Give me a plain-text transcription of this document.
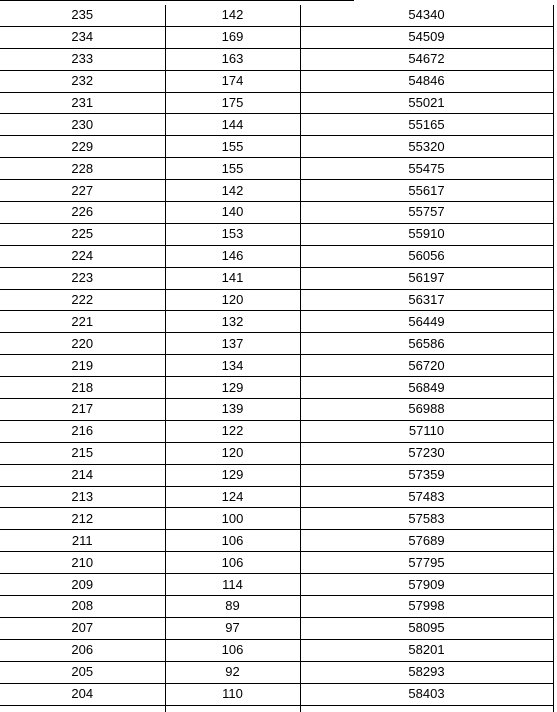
235	142	54340
234	169	54509
233	163	54672
232	174	54846
231	175	55021
230	144	55165
229	155	55320
228	155	55475
227	142	55617
226	140	55757
225	153	55910
224	146	56056
223	141	56197
222	120	56317
221	132	56449
220	137	56586
219	134	56720
218	129	56849
217	139	56988
216	122	57110
215	120	57230
214	129	57359
213	124	57483
212	100	57583
211	106	57689
210	106	57795
209	114	57909
208	89	57998
207	97	58095
206	106	58201
205	92	58293
204	110	58403
